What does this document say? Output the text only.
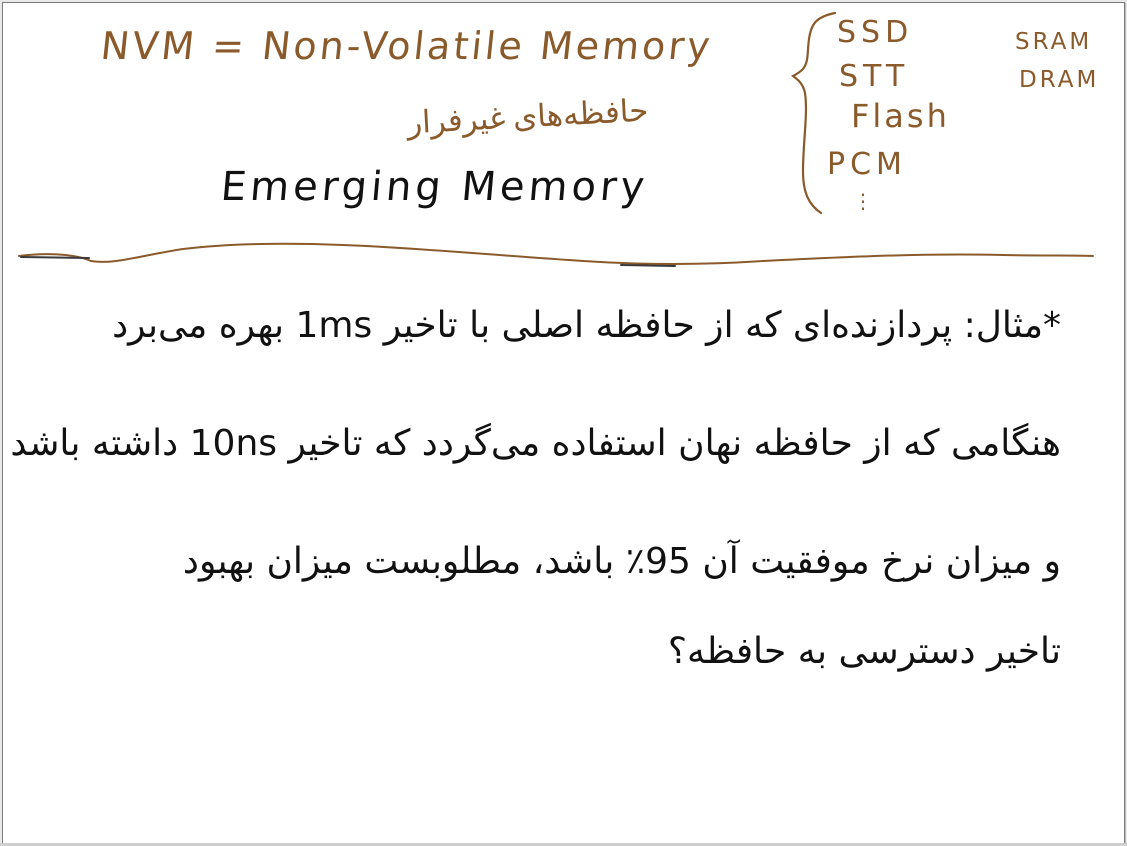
NVM = Non-Volatile Memory
حافظه‌های غیرفرار
Emerging Memory
SSD
STT
Flash
PCM
⋮
SRAM
DRAM
*مثال: پردازنده‌ای که از حافظه اصلی با تاخیر 1ms بهره می‌برد
هنگامی که از حافظه نهان استفاده می‌گردد که تاخیر 10ns داشته باشد
و میزان نرخ موفقیت آن 95٪ باشد، مطلوبست میزان بهبود
تاخیر دسترسی به حافظه؟
